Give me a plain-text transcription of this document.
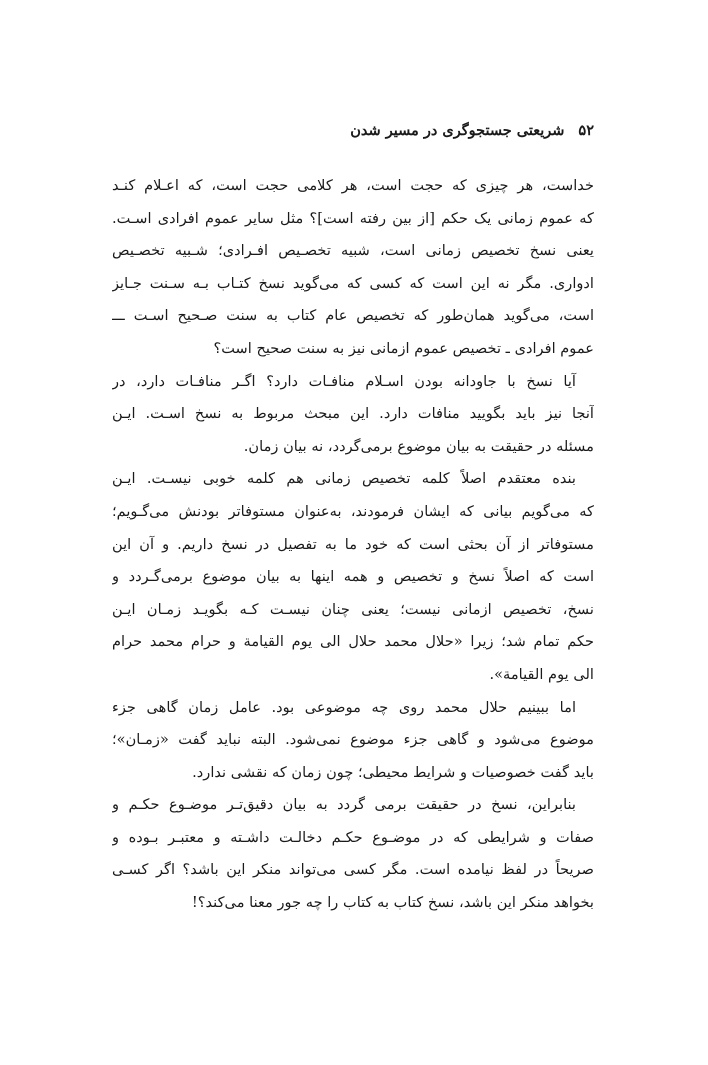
۵۲
شریعتی جستجوگری در مسیر شدن
خداست، هر چیزی که حجت است، هر کلامی حجت است، که اعـلام کنـد
که عموم زمانی یک حکم [از بین رفته است]؟ مثل سایر عموم افرادی اسـت.
یعنی نسخ تخصیص زمانی است، شبیه تخصـیص افـرادی؛ شـبیه تخصـیص
ادواری. مگر نه این است که کسی که می‌گوید نسخ کتـاب بـه سـنت جـایز
است، می‌گوید همان‌طور که تخصیص عام کتاب به سنت صـحیح اسـت ـــ
عموم افرادی ـ تخصیص عموم ازمانی نیز به سنت صحیح است؟
آیا نسخ با جاودانه بودن اسـلام منافـات دارد؟ اگـر منافـات دارد، در
آنجا نیز باید بگویید منافات دارد. این مبحث مربوط به نسخ اسـت. ایـن
مسئله در حقیقت به بیان موضوع برمی‌گردد، نه بیان زمان.
بنده معتقدم اصلاً کلمه تخصیص زمانی هم کلمه خوبی نیسـت. ایـن
که می‌گویم بیانی که ایشان فرمودند، به‌عنوان مستوفاتر بودنش می‌گـویم؛
مستوفاتر از آن بحثی است که خود ما به تفصیل در نسخ داریم. و آن این
است که اصلاً نسخ و تخصیص و همه اینها به بیان موضوع برمی‌گـردد و
نسخ، تخصیص ازمانی نیست؛ یعنی چنان نیسـت کـه بگویـد زمـان ایـن
حکم تمام شد؛ زیرا «حلال محمد حلال الی یوم القیامة و حرام محمد حرام
الی یوم القیامة».
اما ببینیم حلال محمد روی چه موضوعی بود. عامل زمان گاهی جزء
موضوع می‌شود و گاهی جزء موضوع نمی‌شود. البته نباید گفت «زمـان»؛
باید گفت خصوصیات و شرایط محیطی؛ چون زمان که نقشی ندارد.
بنابراین، نسخ در حقیقت برمی گردد به بیان دقیق‌تـر موضـوع حکـم و
صفات و شرایطی که در موضـوع حکـم دخالـت داشـته و معتبـر بـوده و
صریحاً در لفظ نیامده است. مگر کسی می‌تواند منکر این باشد؟ اگر کسـی
بخواهد منکر این باشد، نسخ کتاب به کتاب را چه جور معنا می‌کند؟!
